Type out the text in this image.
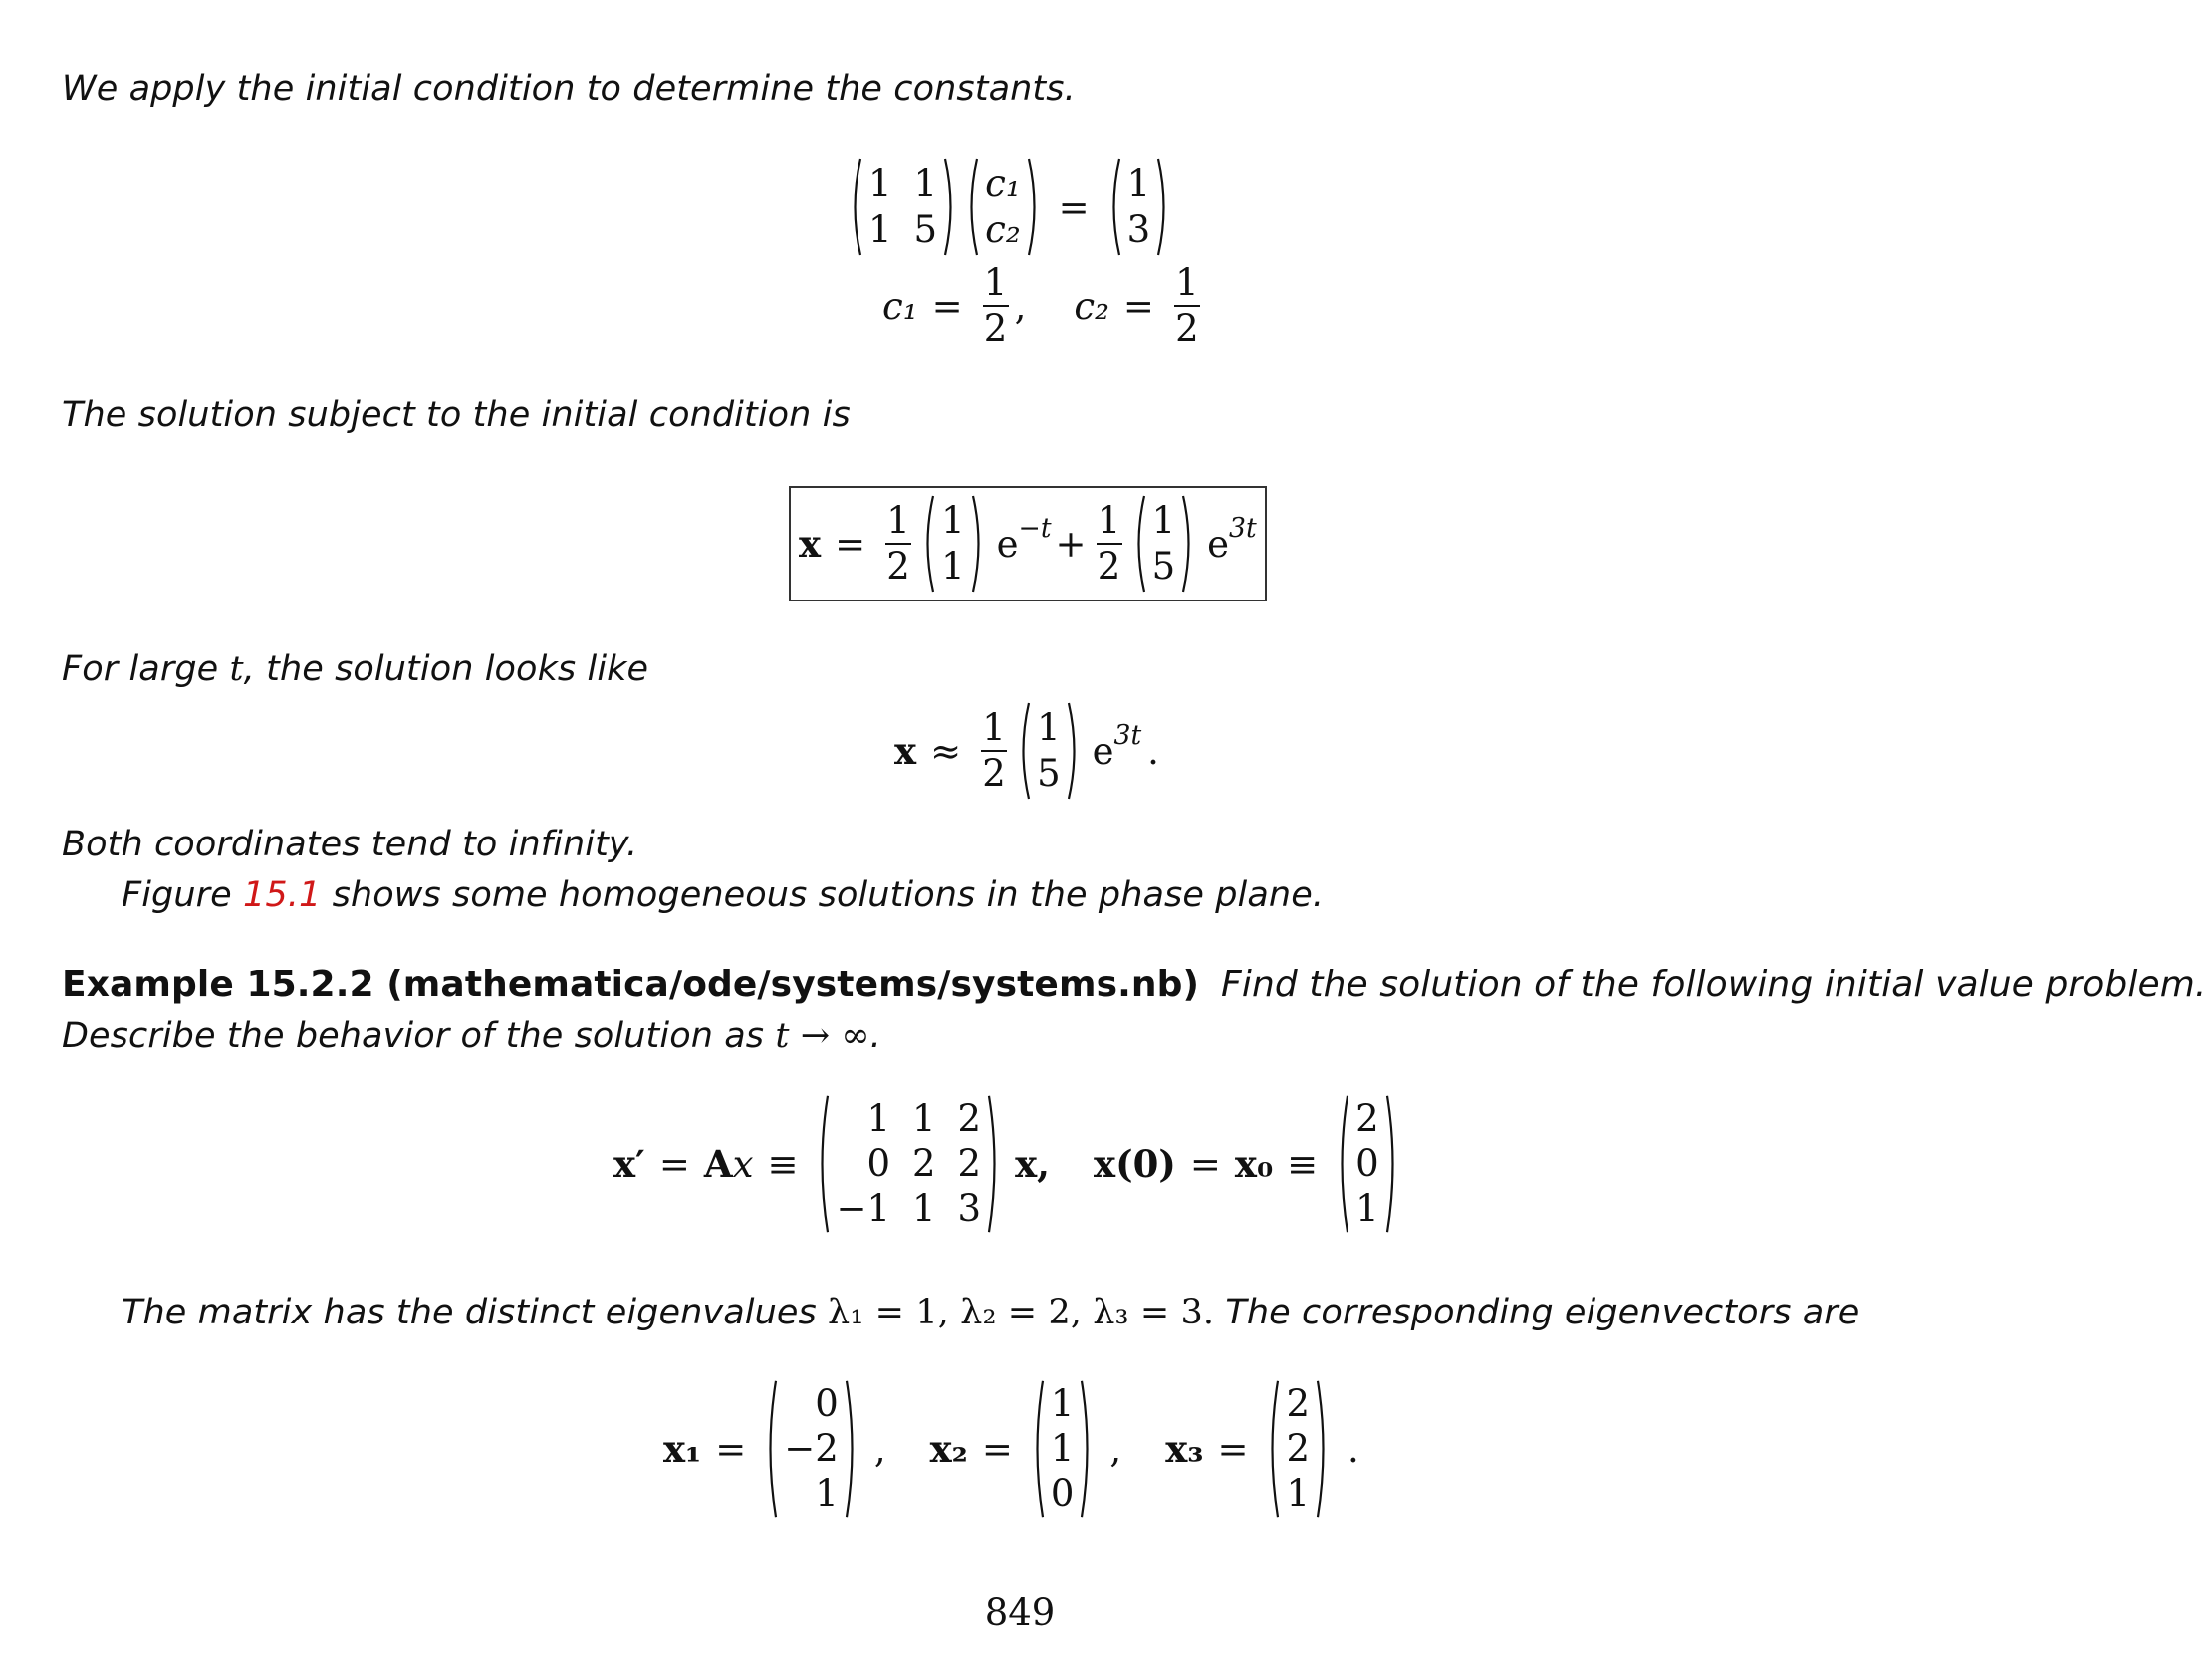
We apply the initial condition to determine the constants.
1 1
1 5
c₁
c₂
=
1
3
$c_1 = \frac{1}{2}$ , $c_2 = \frac{1}{2}$
The solution subject to the initial condition is
$x = \frac{1}{2} 1$
1
$e^{-t} + \frac{1}{2} 1$
5
$e^{3t}$
For large t, the solution looks like
$x \approx \frac{1}{2} 1$
5
$e^{3t}$ .
Both coordinates tend to infinity.
Figure 15.1 shows some homogeneous solutions in the phase plane.
Example 15.2.2 (mathematica/ode/systems/systems.nb) Find the solution of the following initial value problem.
Describe the behavior of the solution as t → ∞.
x′ = A x ≡
1 1 2
0 2 2
−1 1 3
x, x(0) = x₀ ≡
2
0
1
The matrix has the distinct eigenvalues λ₁ = 1, λ₂ = 2, λ₃ = 3. The corresponding eigenvectors are
x₁ =
0
−2
1
, x₂ =
1
1
0
, x₃ =
2
2
1
.
849
